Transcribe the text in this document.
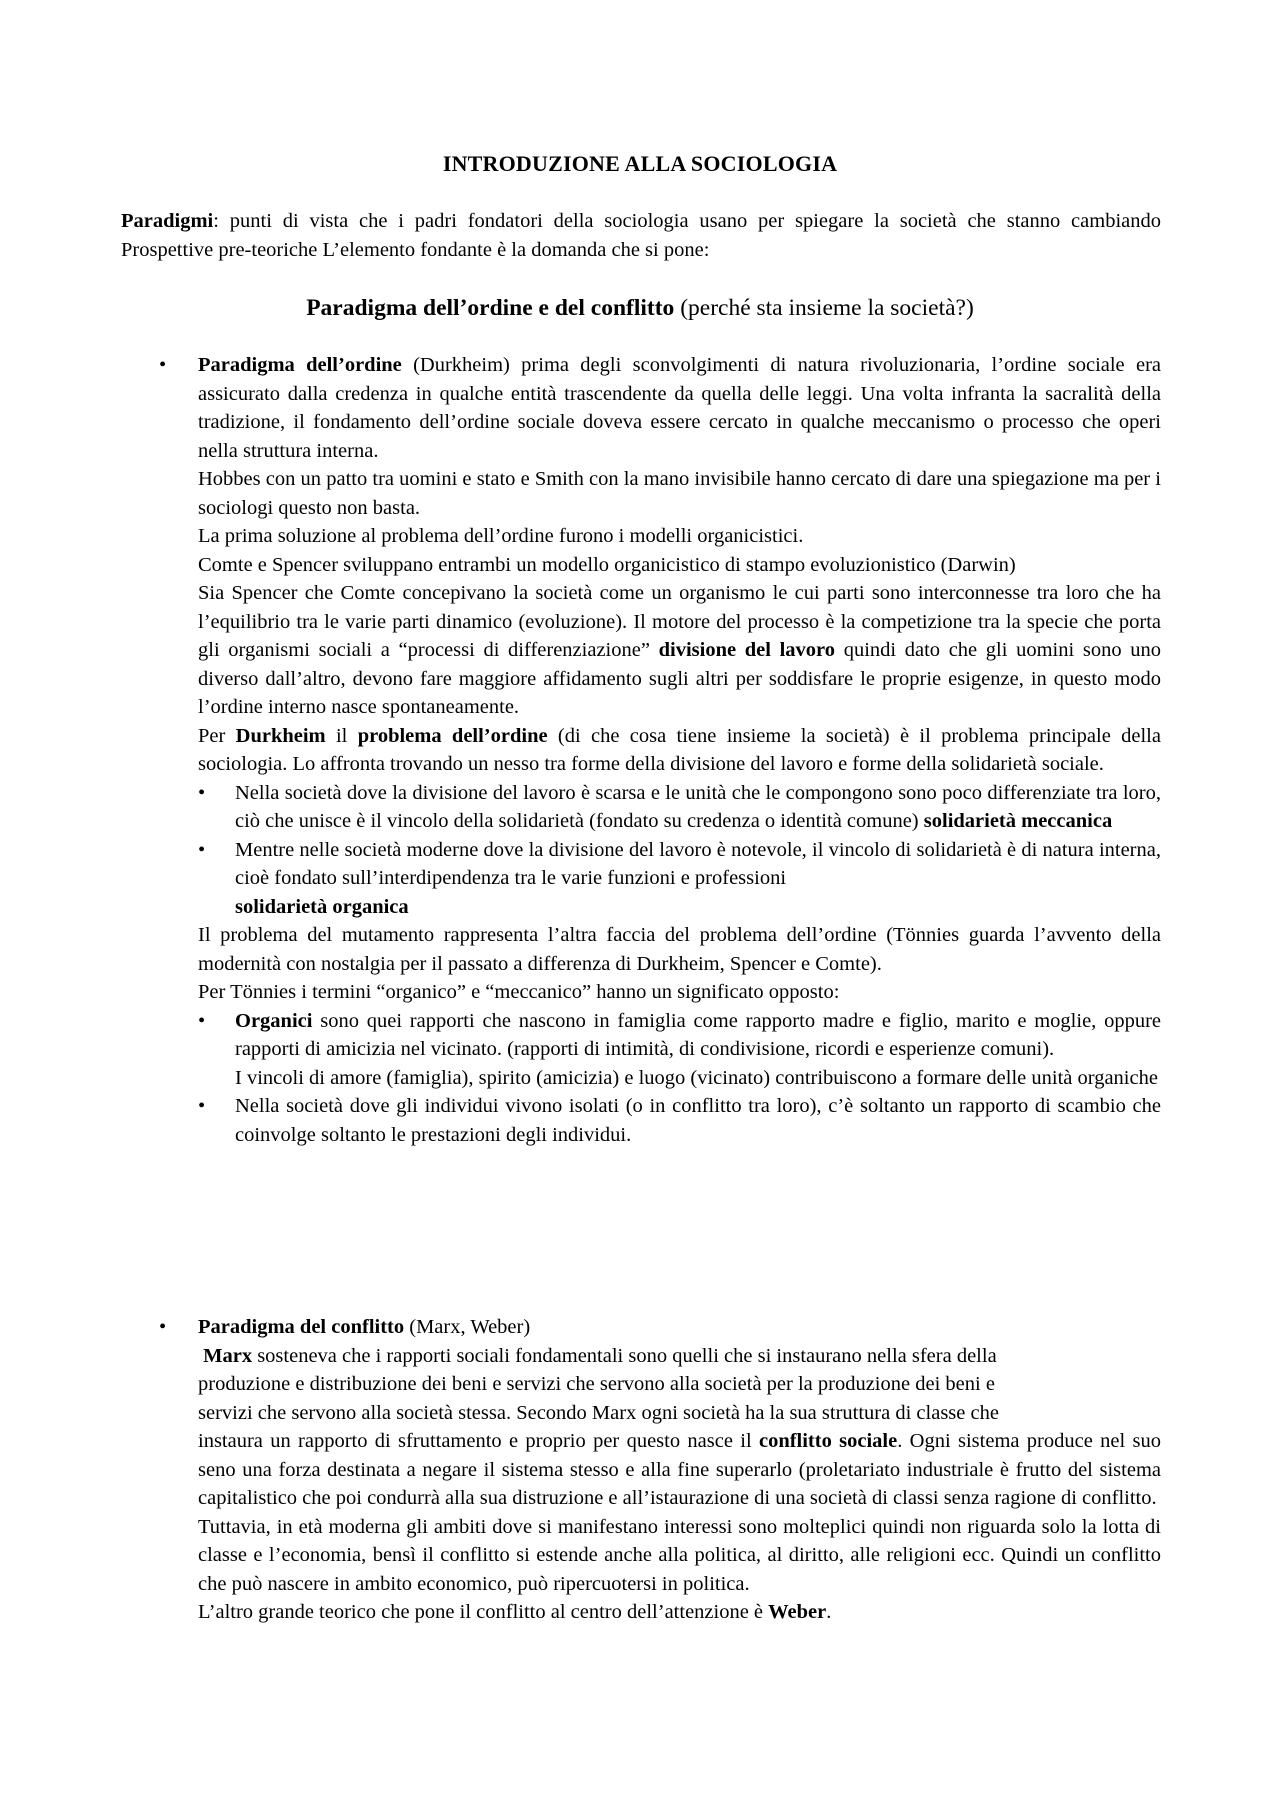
INTRODUZIONE ALLA SOCIOLOGIA
Paradigmi: punti di vista che i padri fondatori della sociologia usano per spiegare la società che stanno cambiando Prospettive pre-teoriche L’elemento fondante è la domanda che si pone:
Paradigma dell’ordine e del conflitto (perché sta insieme la società?)
• Paradigma dell’ordine (Durkheim) prima degli sconvolgimenti di natura rivoluzionaria, l’ordine sociale era assicurato dalla credenza in qualche entità trascendente da quella delle leggi. Una volta infranta la sacralità della tradizione, il fondamento dell’ordine sociale doveva essere cercato in qualche meccanismo o processo che operi nella struttura interna.

Hobbes con un patto tra uomini e stato e Smith con la mano invisibile hanno cercato di dare una spiegazione ma per i sociologi questo non basta.

La prima soluzione al problema dell’ordine furono i modelli organicistici.

Comte e Spencer sviluppano entrambi un modello organicistico di stampo evoluzionistico (Darwin)

Sia Spencer che Comte concepivano la società come un organismo le cui parti sono interconnesse tra loro che ha l’equilibrio tra le varie parti dinamico (evoluzione). Il motore del processo è la competizione tra la specie che porta gli organismi sociali a “processi di differenziazione” divisione del lavoro quindi dato che gli uomini sono uno diverso dall’altro, devono fare maggiore affidamento sugli altri per soddisfare le proprie esigenze, in questo modo l’ordine interno nasce spontaneamente.

Per Durkheim il problema dell’ordine (di che cosa tiene insieme la società) è il problema principale della sociologia. Lo affronta trovando un nesso tra forme della divisione del lavoro e forme della solidarietà sociale.

• Nella società dove la divisione del lavoro è scarsa e le unità che le compongono sono poco differenziate tra loro, ciò che unisce è il vincolo della solidarietà (fondato su credenza o identità comune) solidarietà meccanica

• Mentre nelle società moderne dove la divisione del lavoro è notevole, il vincolo di solidarietà è di natura interna, cioè fondato sull’interdipendenza tra le varie funzioni e professioni
solidarietà organica

Il problema del mutamento rappresenta l’altra faccia del problema dell’ordine (Tönnies guarda l’avvento della modernità con nostalgia per il passato a differenza di Durkheim, Spencer e Comte).

Per Tönnies i termini “organico” e “meccanico” hanno un significato opposto:

• Organici sono quei rapporti che nascono in famiglia come rapporto madre e figlio, marito e moglie, oppure rapporti di amicizia nel vicinato. (rapporti di intimità, di condivisione, ricordi e esperienze comuni).

I vincoli di amore (famiglia), spirito (amicizia) e luogo (vicinato) contribuiscono a formare delle unità organiche

• Nella società dove gli individui vivono isolati (o in conflitto tra loro), c’è soltanto un rapporto di scambio che coinvolge soltanto le prestazioni degli individui.

• Paradigma del conflitto (Marx, Weber)

Marx sosteneva che i rapporti sociali fondamentali sono quelli che si instaurano nella sfera della

produzione e distribuzione dei beni e servizi che servono alla società per la produzione dei beni e

servizi che servono alla società stessa. Secondo Marx ogni società ha la sua struttura di classe che

instaura un rapporto di sfruttamento e proprio per questo nasce il conflitto sociale. Ogni sistema produce nel suo seno una forza destinata a negare il sistema stesso e alla fine superarlo (proletariato industriale è frutto del sistema capitalistico che poi condurrà alla sua distruzione e all’istaurazione di una società di classi senza ragione di conflitto.

Tuttavia, in età moderna gli ambiti dove si manifestano interessi sono molteplici quindi non riguarda solo la lotta di classe e l’economia, bensì il conflitto si estende anche alla politica, al diritto, alle religioni ecc. Quindi un conflitto che può nascere in ambito economico, può ripercuotersi in politica.

L’altro grande teorico che pone il conflitto al centro dell’attenzione è Weber.
